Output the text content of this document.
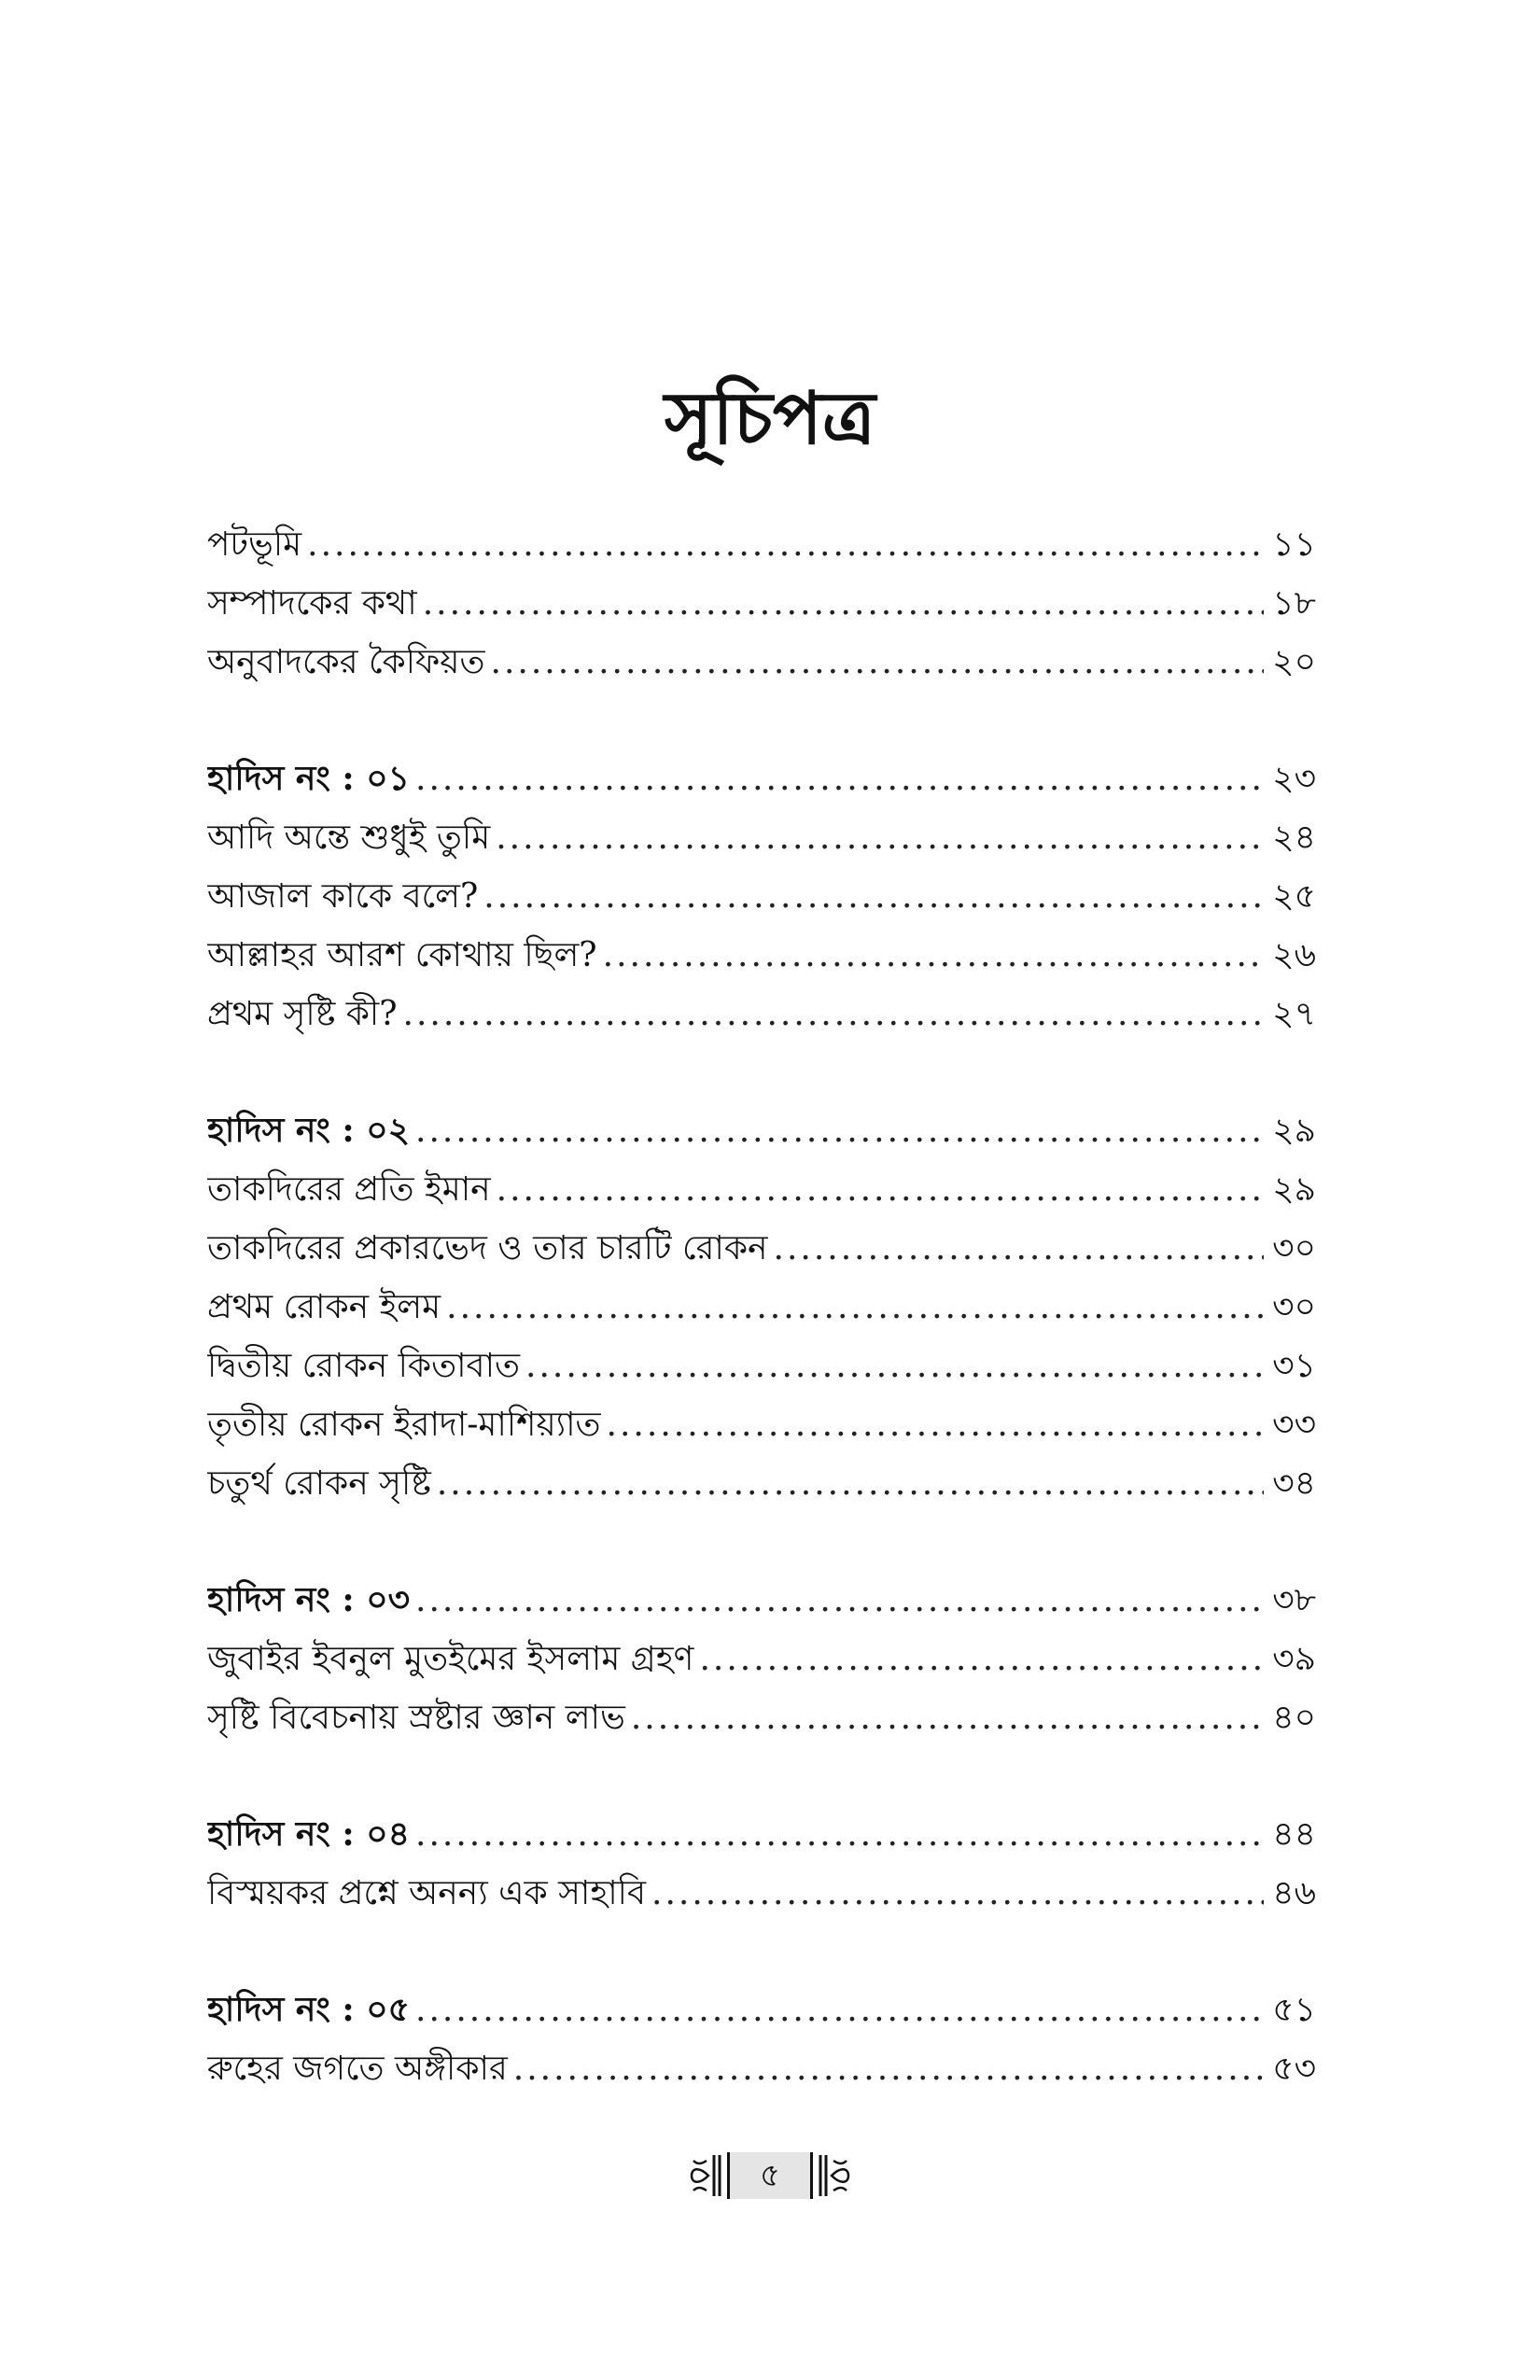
সূচিপত্র
পটভূমি .....	১১
সম্পাদকের কথা .....	১৮
অনুবাদকের কৈফিয়ত .....	২০
হাদিস নং : ০১ .....	২৩
আদি অন্তে শুধুই তুমি .....	২৪
আজাল কাকে বলে? .....	২৫
আল্লাহর আরশ কোথায় ছিল? .....	২৬
প্রথম সৃষ্টি কী? .....	২৭
হাদিস নং : ০২ .....	২৯
তাকদিরের প্রতি ইমান .....	২৯
তাকদিরের প্রকারভেদ ও তার চারটি রোকন .....	৩০
প্রথম রোকন ইলম .....	৩০
দ্বিতীয় রোকন কিতাবাত .....	৩১
তৃতীয় রোকন ইরাদা-মাশিয়্যাত .....	৩৩
চতুর্থ রোকন সৃষ্টি .....	৩৪
হাদিস নং : ০৩ .....	৩৮
জুবাইর ইবনুল মুতইমের ইসলাম গ্রহণ .....	৩৯
সৃষ্টি বিবেচনায় স্রষ্টার জ্ঞান লাভ .....	৪০
হাদিস নং : ০৪ .....	৪৪
বিস্ময়কর প্রশ্নে অনন্য এক সাহাবি .....	৪৬
হাদিস নং : ০৫ .....	৫১
রুহের জগতে অঙ্গীকার .....	৫৩
৫
